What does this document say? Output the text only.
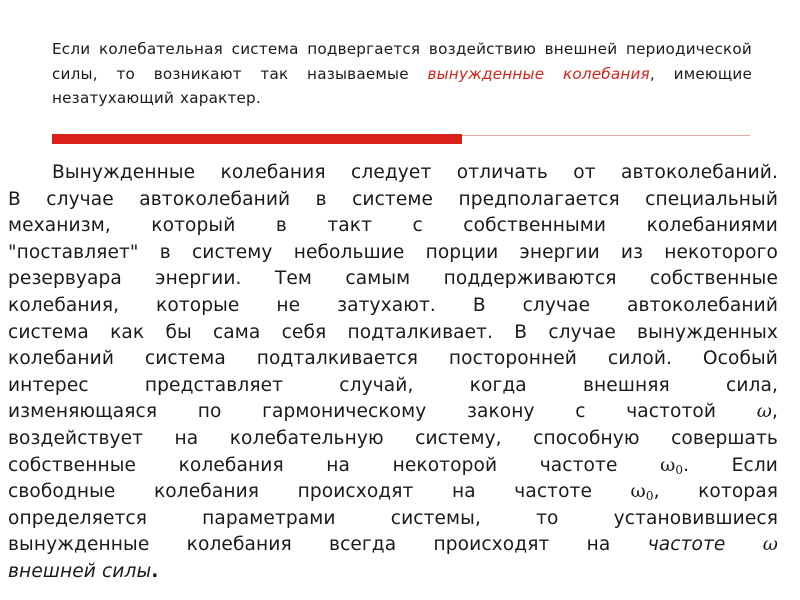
Если колебательная система подвергается воздействию внешней периодической силы, то возникают так называемые вынужденные колебания, имеющие незатухающий характер.

Вынужденные колебания следует отличать от автоколебаний.
В случае автоколебаний в системе предполагается специальный
механизм, который в такт с собственными колебаниями
"поставляет" в систему небольшие порции энергии из некоторого
резервуара энергии. Тем самым поддерживаются собственные
колебания, которые не затухают. В случае автоколебаний
система как бы сама себя подталкивает. В случае вынужденных
колебаний система подталкивается посторонней силой. Особый
интерес представляет случай, когда внешняя сила,
изменяющаяся по гармоническому закону с частотой ω,
воздействует на колебательную систему, способную совершать
собственные колебания на некоторой частоте $\omega_0$. Если
свободные колебания происходят на частоте $\omega_0$, которая
определяется параметрами системы, то установившиеся
вынужденные колебания всегда происходят на частоте ω
внешней силы.
